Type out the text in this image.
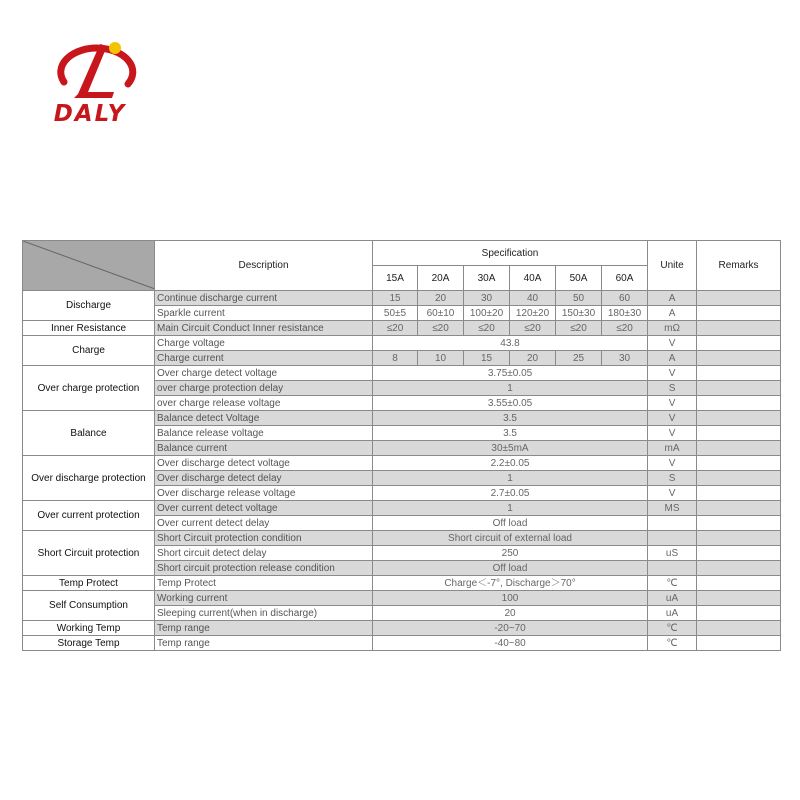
DALY
	Description	Specification						Unite	Remarks
		15A	20A	30A	40A	50A	60A		
Discharge	Continue discharge current	15	20	30	40	50	60	A	
	Sparkle current	50±5	60±10	100±20	120±20	150±30	180±30	A	
Inner Resistance	Main Circuit Conduct Inner resistance	≤20	≤20	≤20	≤20	≤20	≤20	mΩ	
Charge	Charge voltage	43.8						V	
	Charge current	8	10	15	20	25	30	A	
Over charge protection	Over charge detect voltage	3.75±0.05						V	
	over charge protection delay	1						S	
	over charge release voltage	3.55±0.05						V	
Balance	Balance detect Voltage	3.5						V	
	Balance release voltage	3.5						V	
	Balance current	30±5mA						mA	
Over discharge protection	Over discharge detect voltage	2.2±0.05						V	
	Over discharge detect delay	1						S	
	Over discharge release voltage	2.7±0.05						V	
Over current protection	Over current detect voltage	1						MS	
	Over current detect delay	Off load							
Short Circuit protection	Short Circuit protection condition	Short circuit of external load							
	Short circuit detect delay	250						uS	
	Short circuit protection release condition	Off load							
Temp Protect	Temp Protect	Charge＜-7°, Discharge＞70°						℃	
Self Consumption	Working current	100						uA	
	Sleeping current(when in discharge)	20						uA	
Working Temp	Temp range	-20~70						℃	
Storage Temp	Temp range	-40~80						℃	
